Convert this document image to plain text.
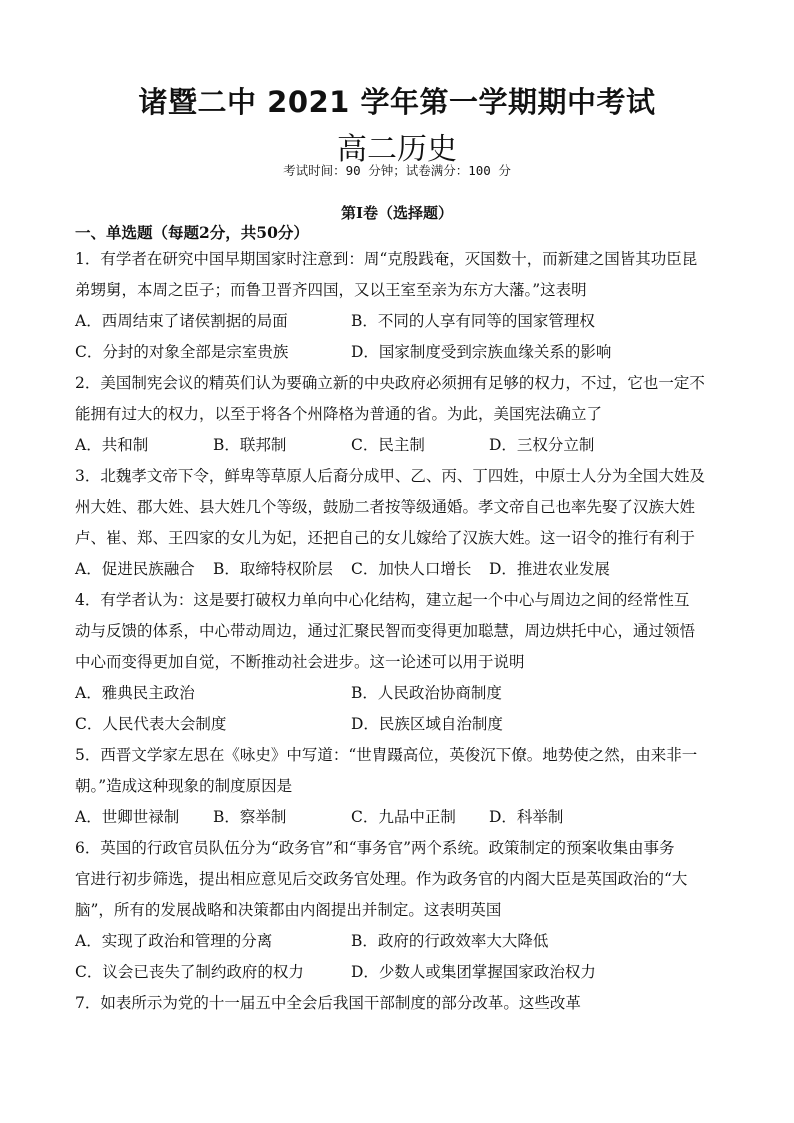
诸暨二中 2021 学年第一学期期中考试
高二历史
考试时间：90 分钟；试卷满分：100 分
第Ⅰ卷（选择题）
一、单选题（每题2分，共50分）
1．有学者在研究中国早期国家时注意到：周“克殷践奄，灭国数十，而新建之国皆其功臣昆
弟甥舅，本周之臣子；而鲁卫晋齐四国，又以王室至亲为东方大藩。”这表明
A．西周结束了诸侯割据的局面	B．不同的人享有同等的国家管理权
C．分封的对象全部是宗室贵族	D．国家制度受到宗族血缘关系的影响
2．美国制宪会议的精英们认为要确立新的中央政府必须拥有足够的权力，不过，它也一定不
能拥有过大的权力，以至于将各个州降格为普通的省。为此，美国宪法确立了
A．共和制	B．联邦制	C．民主制	D．三权分立制
3．北魏孝文帝下令，鲜卑等草原人后裔分成甲、乙、丙、丁四姓，中原士人分为全国大姓及
州大姓、郡大姓、县大姓几个等级，鼓励二者按等级通婚。孝文帝自己也率先娶了汉族大姓
卢、崔、郑、王四家的女儿为妃，还把自己的女儿嫁给了汉族大姓。这一诏令的推行有利于
A．促进民族融合 B．取缔特权阶层 C．加快人口增长 D．推进农业发展
4．有学者认为：这是要打破权力单向中心化结构，建立起一个中心与周边之间的经常性互
动与反馈的体系，中心带动周边，通过汇聚民智而变得更加聪慧，周边烘托中心，通过领悟
中心而变得更加自觉，不断推动社会进步。这一论述可以用于说明
A．雅典民主政治	B．人民政治协商制度
C．人民代表大会制度	D．民族区域自治制度
5．西晋文学家左思在《咏史》中写道：“世胄蹑高位，英俊沉下僚。地势使之然，由来非一
朝。”造成这种现象的制度原因是
A．世卿世禄制 B．察举制	C．九品中正制 D．科举制
6．英国的行政官员队伍分为“政务官”和“事务官”两个系统。政策制定的预案收集由事务
官进行初步筛选，提出相应意见后交政务官处理。作为政务官的内阁大臣是英国政治的“大
脑”，所有的发展战略和决策都由内阁提出并制定。这表明英国
A．实现了政治和管理的分离	B．政府的行政效率大大降低
C．议会已丧失了制约政府的权力	D．少数人或集团掌握国家政治权力
7．如表所示为党的十一届五中全会后我国干部制度的部分改革。这些改革
